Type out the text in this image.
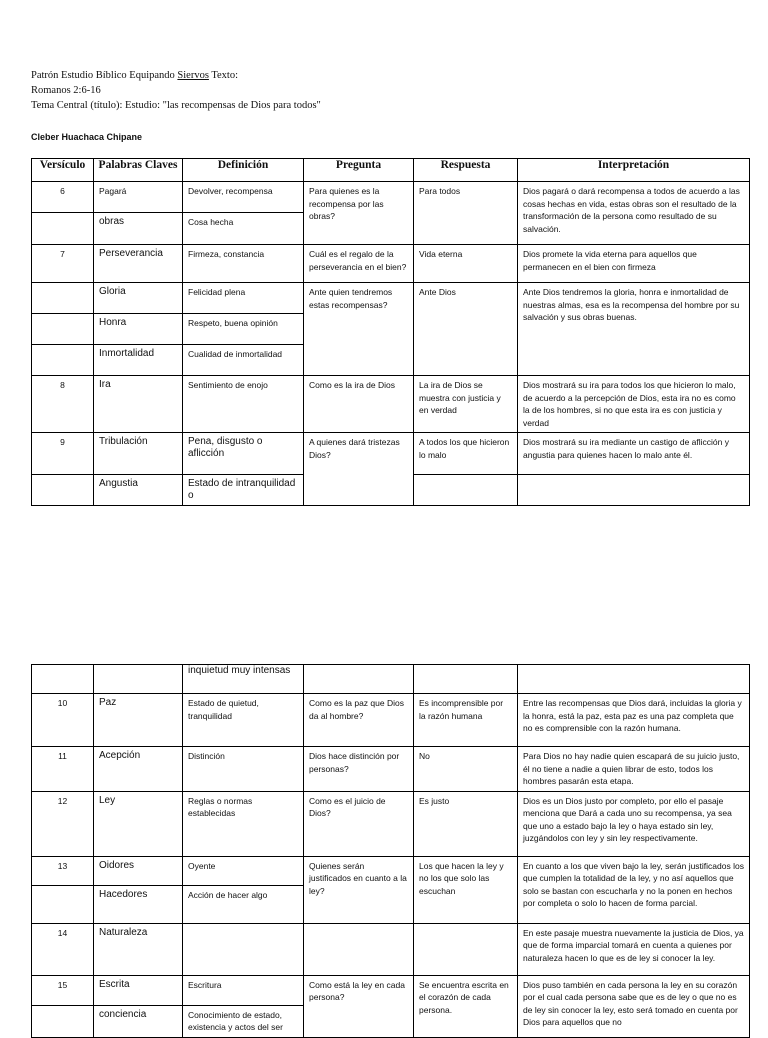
Patrón Estudio Bíblico Equipando Siervos Texto:
Romanos 2:6-16
Tema Central (título): Estudio: "las recompensas de Dios para todos"
Cleber Huachaca Chipane
Versículo	Palabras Claves	Definición	Pregunta	Respuesta	Interpretación
6	Pagará	Devolver, recompensa	Para quienes es la recompensa por las obras?	Para todos	Dios pagará o dará recompensa a todos de acuerdo a las cosas hechas en vida, estas obras son el resultado de la transformación de la persona como resultado de su salvación.
	obras	Cosa hecha			
7	Perseverancia	Firmeza, constancia	Cuál es el regalo de la perseverancia en el bien?	Vida eterna	Dios promete la vida eterna para aquellos que permanecen en el bien con firmeza
	Gloria	Felicidad plena	Ante quien tendremos estas recompensas?	Ante Dios	Ante Dios tendremos la gloria, honra e inmortalidad de nuestras almas, esa es la recompensa del hombre por su salvación y sus obras buenas.
	Honra	Respeto, buena opinión			
	Inmortalidad	Cualidad de inmortalidad			
8	Ira	Sentimiento de enojo	Como es la ira de Dios	La ira de Dios se muestra con justicia y en verdad	Dios mostrará su ira para todos los que hicieron lo malo, de acuerdo a la percepción de Dios, esta ira no es como la de los hombres, si no que esta ira es con justicia y verdad
9	Tribulación	Pena, disgusto o aflicción	A quienes dará tristezas Dios?	A todos los que hicieron lo malo	Dios mostrará su ira mediante un castigo de aflicción y angustia para quienes hacen lo malo ante él.
	Angustia	Estado de intranquilidad o			
		inquietud muy intensas			
10	Paz	Estado de quietud, tranquilidad	Como es la paz que Dios da al hombre?	Es incomprensible por la razón humana	Entre las recompensas que Dios dará, incluidas la gloria y la honra, está la paz, esta paz es una paz completa que no es comprensible con la razón humana.
11	Acepción	Distinción	Dios hace distinción por personas?	No	Para Dios no hay nadie quien escapará de su juicio justo, él no tiene a nadie a quien librar de esto, todos los hombres pasarán esta etapa.
12	Ley	Reglas o normas establecidas	Como es el juicio de Dios?	Es justo	Dios es un Dios justo por completo, por ello el pasaje menciona que Dará a cada uno su recompensa, ya sea que uno a estado bajo la ley o haya estado sin ley, juzgándolos con ley y sin ley respectivamente.
13	Oidores	Oyente	Quienes serán justificados en cuanto a la ley?	Los que hacen la ley y no los que solo las escuchan	En cuanto a los que viven bajo la ley, serán justificados los que cumplen la totalidad de la ley, y no así aquellos que solo se bastan con escucharla y no la ponen en hechos por completa o solo lo hacen de forma parcial.
	Hacedores	Acción de hacer algo			
14	Naturaleza				En este pasaje muestra nuevamente la justicia de Dios, ya que de forma imparcial tomará en cuenta a quienes por naturaleza hacen lo que es de ley si conocer la ley.
15	Escrita	Escritura	Como está la ley en cada persona?	Se encuentra escrita en el corazón de cada persona.	Dios puso también en cada persona la ley en su corazón por el cual cada persona sabe que es de ley o que no es de ley sin conocer la ley, esto será tomado en cuenta por Dios para aquellos que no
	conciencia	Conocimiento de estado, existencia y actos del ser			
